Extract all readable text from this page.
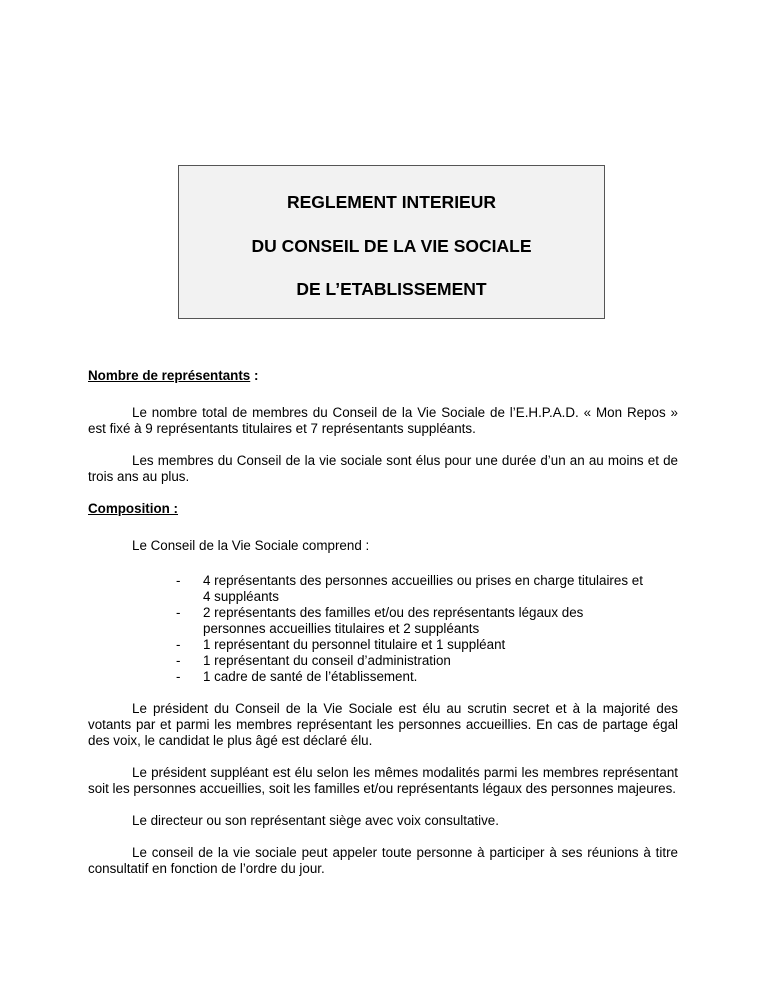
REGLEMENT INTERIEUR
DU CONSEIL DE LA VIE SOCIALE
DE L’ETABLISSEMENT

Nombre de représentants :

Le nombre total de membres du Conseil de la Vie Sociale de l’E.H.P.A.D. « Mon Repos » est fixé à 9 représentants titulaires et 7 représentants suppléants.

Les membres du Conseil de la vie sociale sont élus pour une durée d’un an au moins et de trois ans au plus.

Composition :

Le Conseil de la Vie Sociale comprend :

- 4 représentants des personnes accueillies ou prises en charge titulaires et 4 suppléants
- 2 représentants des familles et/ou des représentants légaux des personnes accueillies titulaires et 2 suppléants
- 1 représentant du personnel titulaire et 1 suppléant
- 1 représentant du conseil d’administration
- 1 cadre de santé de l’établissement.

Le président du Conseil de la Vie Sociale est élu au scrutin secret et à la majorité des votants par et parmi les membres représentant les personnes accueillies. En cas de partage égal des voix, le candidat le plus âgé est déclaré élu.

Le président suppléant est élu selon les mêmes modalités parmi les membres représentant soit les personnes accueillies, soit les familles et/ou représentants légaux des personnes majeures.

Le directeur ou son représentant siège avec voix consultative.

Le conseil de la vie sociale peut appeler toute personne à participer à ses réunions à titre consultatif en fonction de l’ordre du jour.
